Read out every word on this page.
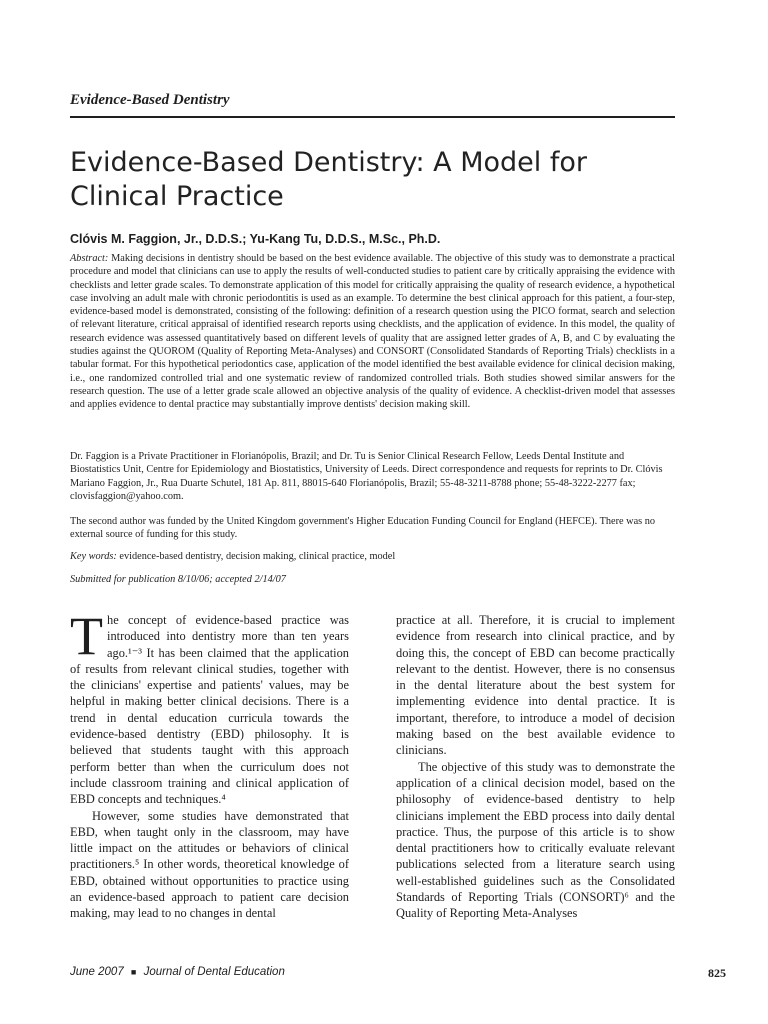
Evidence-Based Dentistry
Evidence-Based Dentistry: A Model for Clinical Practice
Clóvis M. Faggion, Jr., D.D.S.; Yu-Kang Tu, D.D.S., M.Sc., Ph.D.

Abstract: Making decisions in dentistry should be based on the best evidence available. The objective of this study was to demonstrate a practical procedure and model that clinicians can use to apply the results of well-conducted studies to patient care by critically appraising the evidence with checklists and letter grade scales. To demonstrate application of this model for critically appraising the quality of research evidence, a hypothetical case involving an adult male with chronic periodontitis is used as an example. To determine the best clinical approach for this patient, a four-step, evidence-based model is demonstrated, consisting of the following: definition of a research question using the PICO format, search and selection of relevant literature, critical appraisal of identified research reports using checklists, and the application of evidence. In this model, the quality of research evidence was assessed quantitatively based on different levels of quality that are assigned letter grades of A, B, and C by evaluating the studies against the QUOROM (Quality of Reporting Meta-Analyses) and CONSORT (Consolidated Standards of Reporting Trials) checklists in a tabular format. For this hypothetical periodontics case, application of the model identified the best available evidence for clinical decision making, i.e., one randomized controlled trial and one systematic review of randomized controlled trials. Both studies showed similar answers for the research question. The use of a letter grade scale allowed an objective analysis of the quality of evidence. A checklist-driven model that assesses and applies evidence to dental practice may substantially improve dentists' decision making skill.

Dr. Faggion is a Private Practitioner in Florianópolis, Brazil; and Dr. Tu is Senior Clinical Research Fellow, Leeds Dental Institute and Biostatistics Unit, Centre for Epidemiology and Biostatistics, University of Leeds. Direct correspondence and requests for reprints to Dr. Clóvis Mariano Faggion, Jr., Rua Duarte Schutel, 181 Ap. 811, 88015-640 Florianópolis, Brazil; 55-48-3211-8788 phone; 55-48-3222-2277 fax; clovisfaggion@yahoo.com.

The second author was funded by the United Kingdom government's Higher Education Funding Council for England (HEFCE). There was no external source of funding for this study.

Key words: evidence-based dentistry, decision making, clinical practice, model

Submitted for publication 8/10/06; accepted 2/14/07

The concept of evidence-based practice was introduced into dentistry more than ten years ago.¹⁻³ It has been claimed that the application of results from relevant clinical studies, together with the clinicians' expertise and patients' values, may be helpful in making better clinical decisions. There is a trend in dental education curricula towards the evidence-based dentistry (EBD) philosophy. It is believed that students taught with this approach perform better than when the curriculum does not include classroom training and clinical application of EBD concepts and techniques.⁴

However, some studies have demonstrated that EBD, when taught only in the classroom, may have little impact on the attitudes or behaviors of clinical practitioners.⁵ In other words, theoretical knowledge of EBD, obtained without opportunities to practice using an evidence-based approach to patient care decision making, may lead to no changes in dental

practice at all. Therefore, it is crucial to implement evidence from research into clinical practice, and by doing this, the concept of EBD can become practically relevant to the dentist. However, there is no consensus in the dental literature about the best system for implementing evidence into dental practice. It is important, therefore, to introduce a model of decision making based on the best available evidence to clinicians.

The objective of this study was to demonstrate the application of a clinical decision model, based on the philosophy of evidence-based dentistry to help clinicians implement the EBD process into daily dental practice. Thus, the purpose of this article is to show dental practitioners how to critically evaluate relevant publications selected from a literature search using well-established guidelines such as the Consolidated Standards of Reporting Trials (CONSORT)⁶ and the Quality of Reporting Meta-Analyses

June 2007 ■ Journal of Dental Education	825
